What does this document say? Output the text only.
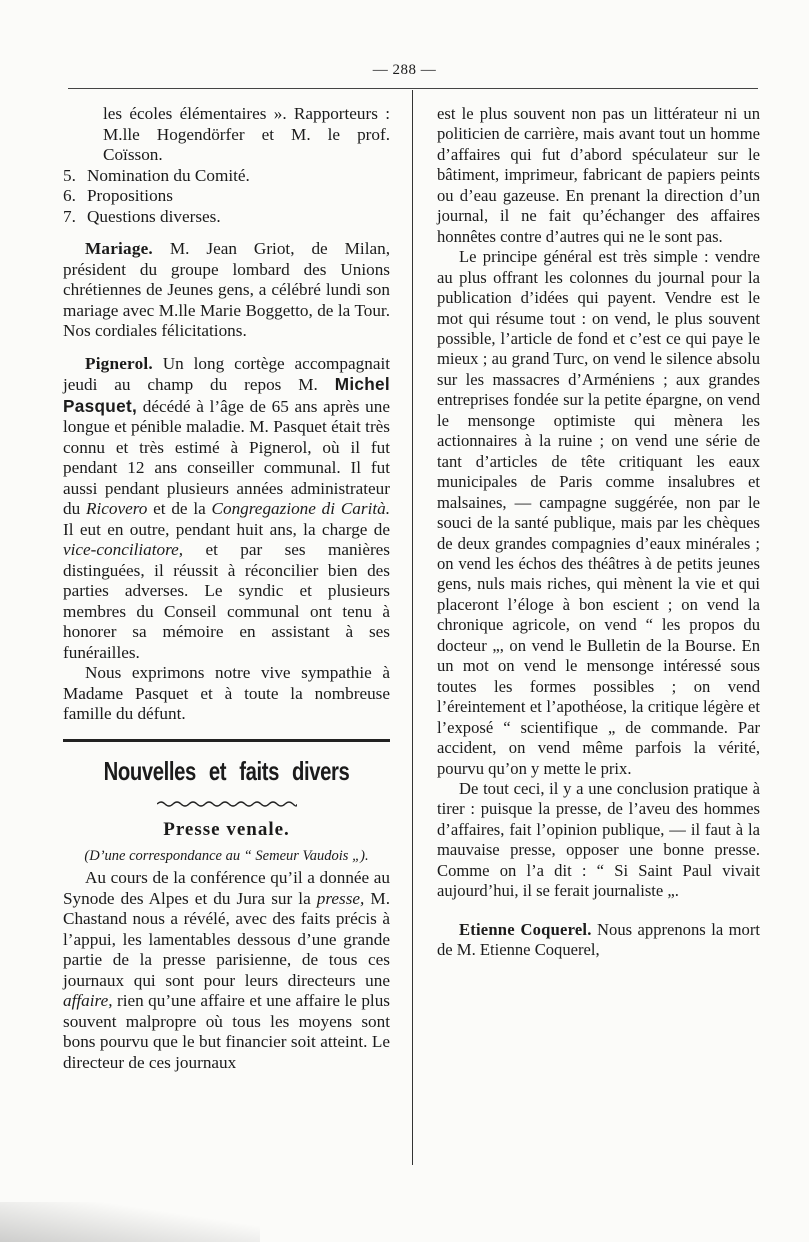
— 288 —

les écoles élémentaires ». Rapporteurs : M.lle Hogendörfer et M. le prof. Coïsson.

5. Nomination du Comité.
6. Propositions
7. Questions diverses.

Mariage. M. Jean Griot, de Milan, président du groupe lombard des Unions chrétiennes de Jeunes gens, a célébré lundi son mariage avec M.lle Marie Boggetto, de la Tour. Nos cordiales félicitations.

Pignerol. Un long cortège accompagnait jeudi au champ du repos M. Michel Pasquet, décédé à l’âge de 65 ans après une longue et pénible maladie. M. Pasquet était très connu et très estimé à Pignerol, où il fut pendant 12 ans conseiller communal. Il fut aussi pendant plusieurs années administrateur du Ricovero et de la Congregazione di Carità. Il eut en outre, pendant huit ans, la charge de vice-conciliatore, et par ses manières distinguées, il réussit à réconcilier bien des parties adverses. Le syndic et plusieurs membres du Conseil communal ont tenu à honorer sa mémoire en assistant à ses funérailles.

Nous exprimons notre vive sympathie à Madame Pasquet et à toute la nombreuse famille du défunt.

Nouvelles et faits divers
Presse venale.
(D’une correspondance au “ Semeur Vaudois „).

Au cours de la conférence qu’il a donnée au Synode des Alpes et du Jura sur la presse, M. Chastand nous a révélé, avec des faits précis à l’appui, les lamentables dessous d’une grande partie de la presse parisienne, de tous ces journaux qui sont pour leurs directeurs une affaire, rien qu’une affaire et une affaire le plus souvent malpropre où tous les moyens sont bons pourvu que le but financier soit atteint. Le directeur de ces journaux

est le plus souvent non pas un littérateur ni un politicien de carrière, mais avant tout un homme d’affaires qui fut d’abord spéculateur sur le bâtiment, imprimeur, fabricant de papiers peints ou d’eau gazeuse. En prenant la direction d’un journal, il ne fait qu’échanger des affaires honnêtes contre d’autres qui ne le sont pas.

Le principe général est très simple : vendre au plus offrant les colonnes du journal pour la publication d’idées qui payent. Vendre est le mot qui résume tout : on vend, le plus souvent possible, l’article de fond et c’est ce qui paye le mieux ; au grand Turc, on vend le silence absolu sur les massacres d’Arméniens ; aux grandes entreprises fondée sur la petite épargne, on vend le mensonge optimiste qui mènera les actionnaires à la ruine ; on vend une série de tant d’articles de tête critiquant les eaux municipales de Paris comme insalubres et malsaines, — campagne suggérée, non par le souci de la santé publique, mais par les chèques de deux grandes compagnies d’eaux minérales ; on vend les échos des théâtres à de petits jeunes gens, nuls mais riches, qui mènent la vie et qui placeront l’éloge à bon escient ; on vend la chronique agricole, on vend “ les propos du docteur „, on vend le Bulletin de la Bourse. En un mot on vend le mensonge intéressé sous toutes les formes possibles ; on vend l’éreintement et l’apothéose, la critique légère et l’exposé “ scientifique „ de commande. Par accident, on vend même parfois la vérité, pourvu qu’on y mette le prix.

De tout ceci, il y a une conclusion pratique à tirer : puisque la presse, de l’aveu des hommes d’affaires, fait l’opinion publique, — il faut à la mauvaise presse, opposer une bonne presse. Comme on l’a dit : “ Si Saint Paul vivait aujourd’hui, il se ferait journaliste „.

Etienne Coquerel. Nous apprenons la mort de M. Etienne Coquerel,
